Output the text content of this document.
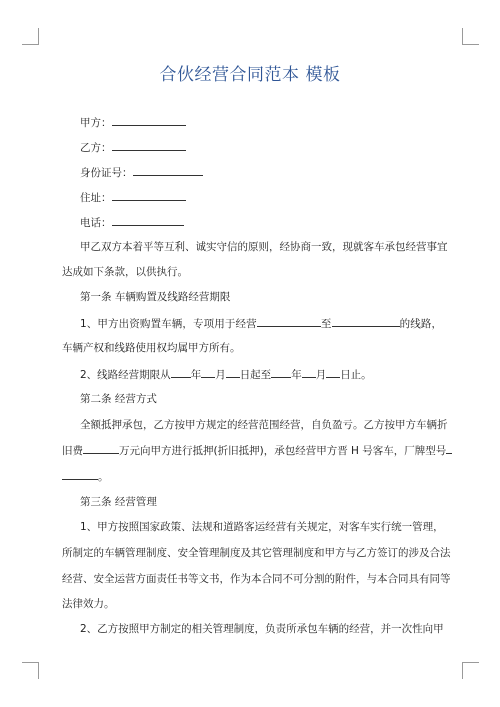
合伙经营合同范本 模板
甲方：
乙方：
身份证号：
住址：
电话：
甲乙双方本着平等互利、诚实守信的原则，经协商一致，现就客车承包经营事宜
达成如下条款，以供执行。
第一条 车辆购置及线路经营期限
1、甲方出资购置车辆，专项用于经营	至	的线路，
车辆产权和线路使用权均属甲方所有。
2、线路经营期限从 年 月 日起至 年 月 日止。
第二条 经营方式
全额抵押承包，乙方按甲方规定的经营范围经营，自负盈亏。乙方按甲方车辆折
旧费	万元向甲方进行抵押(折旧抵押)，承包经营甲方晋 H 号客车，厂牌型号
。
第三条 经营管理
1、甲方按照国家政策、法规和道路客运经营有关规定，对客车实行统一管理，
所制定的车辆管理制度、安全管理制度及其它管理制度和甲方与乙方签订的涉及合法
经营、安全运营方面责任书等文书，作为本合同不可分割的附件，与本合同具有同等
法律效力。
2、乙方按照甲方制定的相关管理制度，负责所承包车辆的经营，并一次性向甲
